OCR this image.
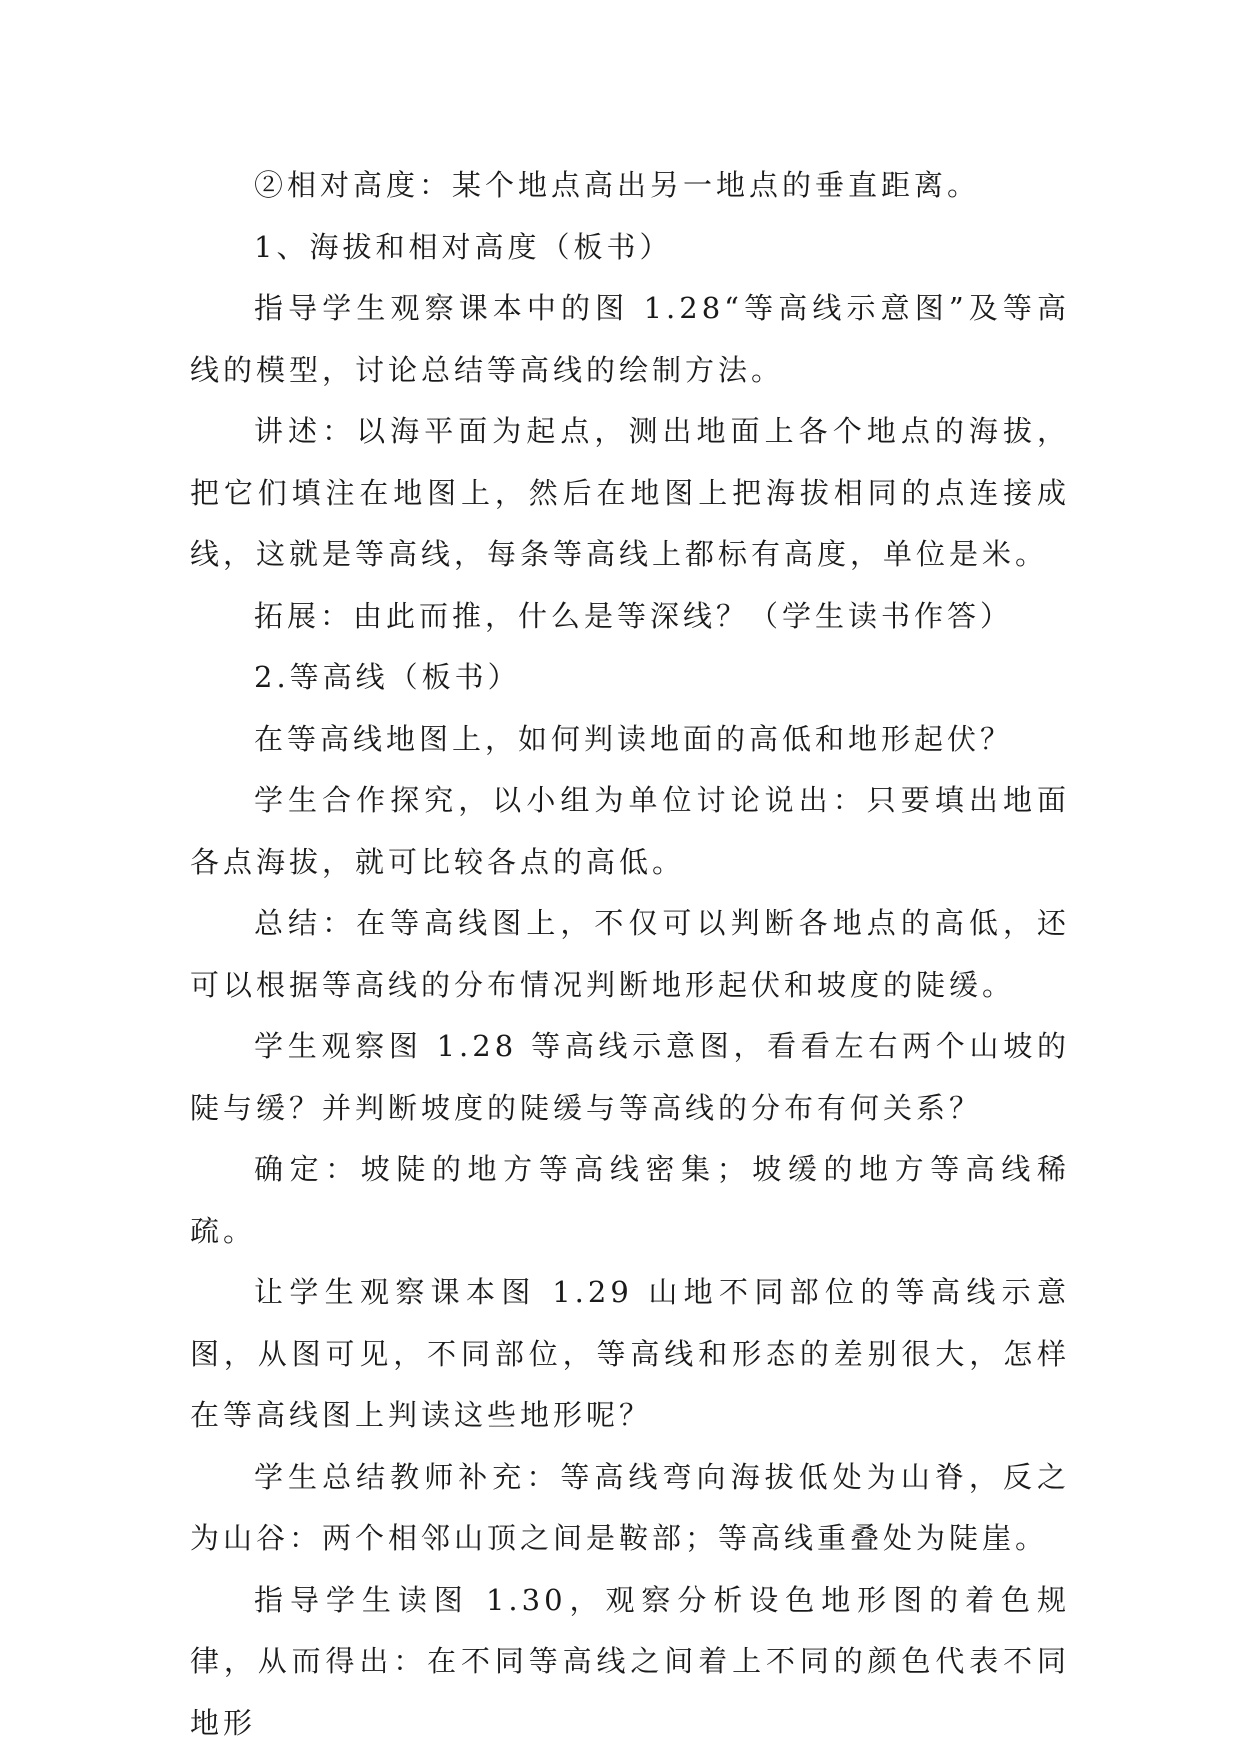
②相对高度：某个地点高出另一地点的垂直距离。

1、海拔和相对高度（板书）

指导学生观察课本中的图 1.28“等高线示意图”及等高线的模型，讨论总结等高线的绘制方法。

讲述：以海平面为起点，测出地面上各个地点的海拔，把它们填注在地图上，然后在地图上把海拔相同的点连接成线，这就是等高线，每条等高线上都标有高度，单位是米。

拓展：由此而推，什么是等深线？（学生读书作答）

2.等高线（板书）

在等高线地图上，如何判读地面的高低和地形起伏？

学生合作探究，以小组为单位讨论说出：只要填出地面各点海拔，就可比较各点的高低。

总结：在等高线图上，不仅可以判断各地点的高低，还可以根据等高线的分布情况判断地形起伏和坡度的陡缓。

学生观察图 1.28 等高线示意图，看看左右两个山坡的陡与缓？并判断坡度的陡缓与等高线的分布有何关系？

确定：坡陡的地方等高线密集；坡缓的地方等高线稀疏。

让学生观察课本图 1.29 山地不同部位的等高线示意图，从图可见，不同部位，等高线和形态的差别很大，怎样在等高线图上判读这些地形呢？

学生总结教师补充：等高线弯向海拔低处为山脊，反之为山谷：两个相邻山顶之间是鞍部；等高线重叠处为陡崖。

指导学生读图 1.30，观察分析设色地形图的着色规律，从而得出：在不同等高线之间着上不同的颜色代表不同地形
